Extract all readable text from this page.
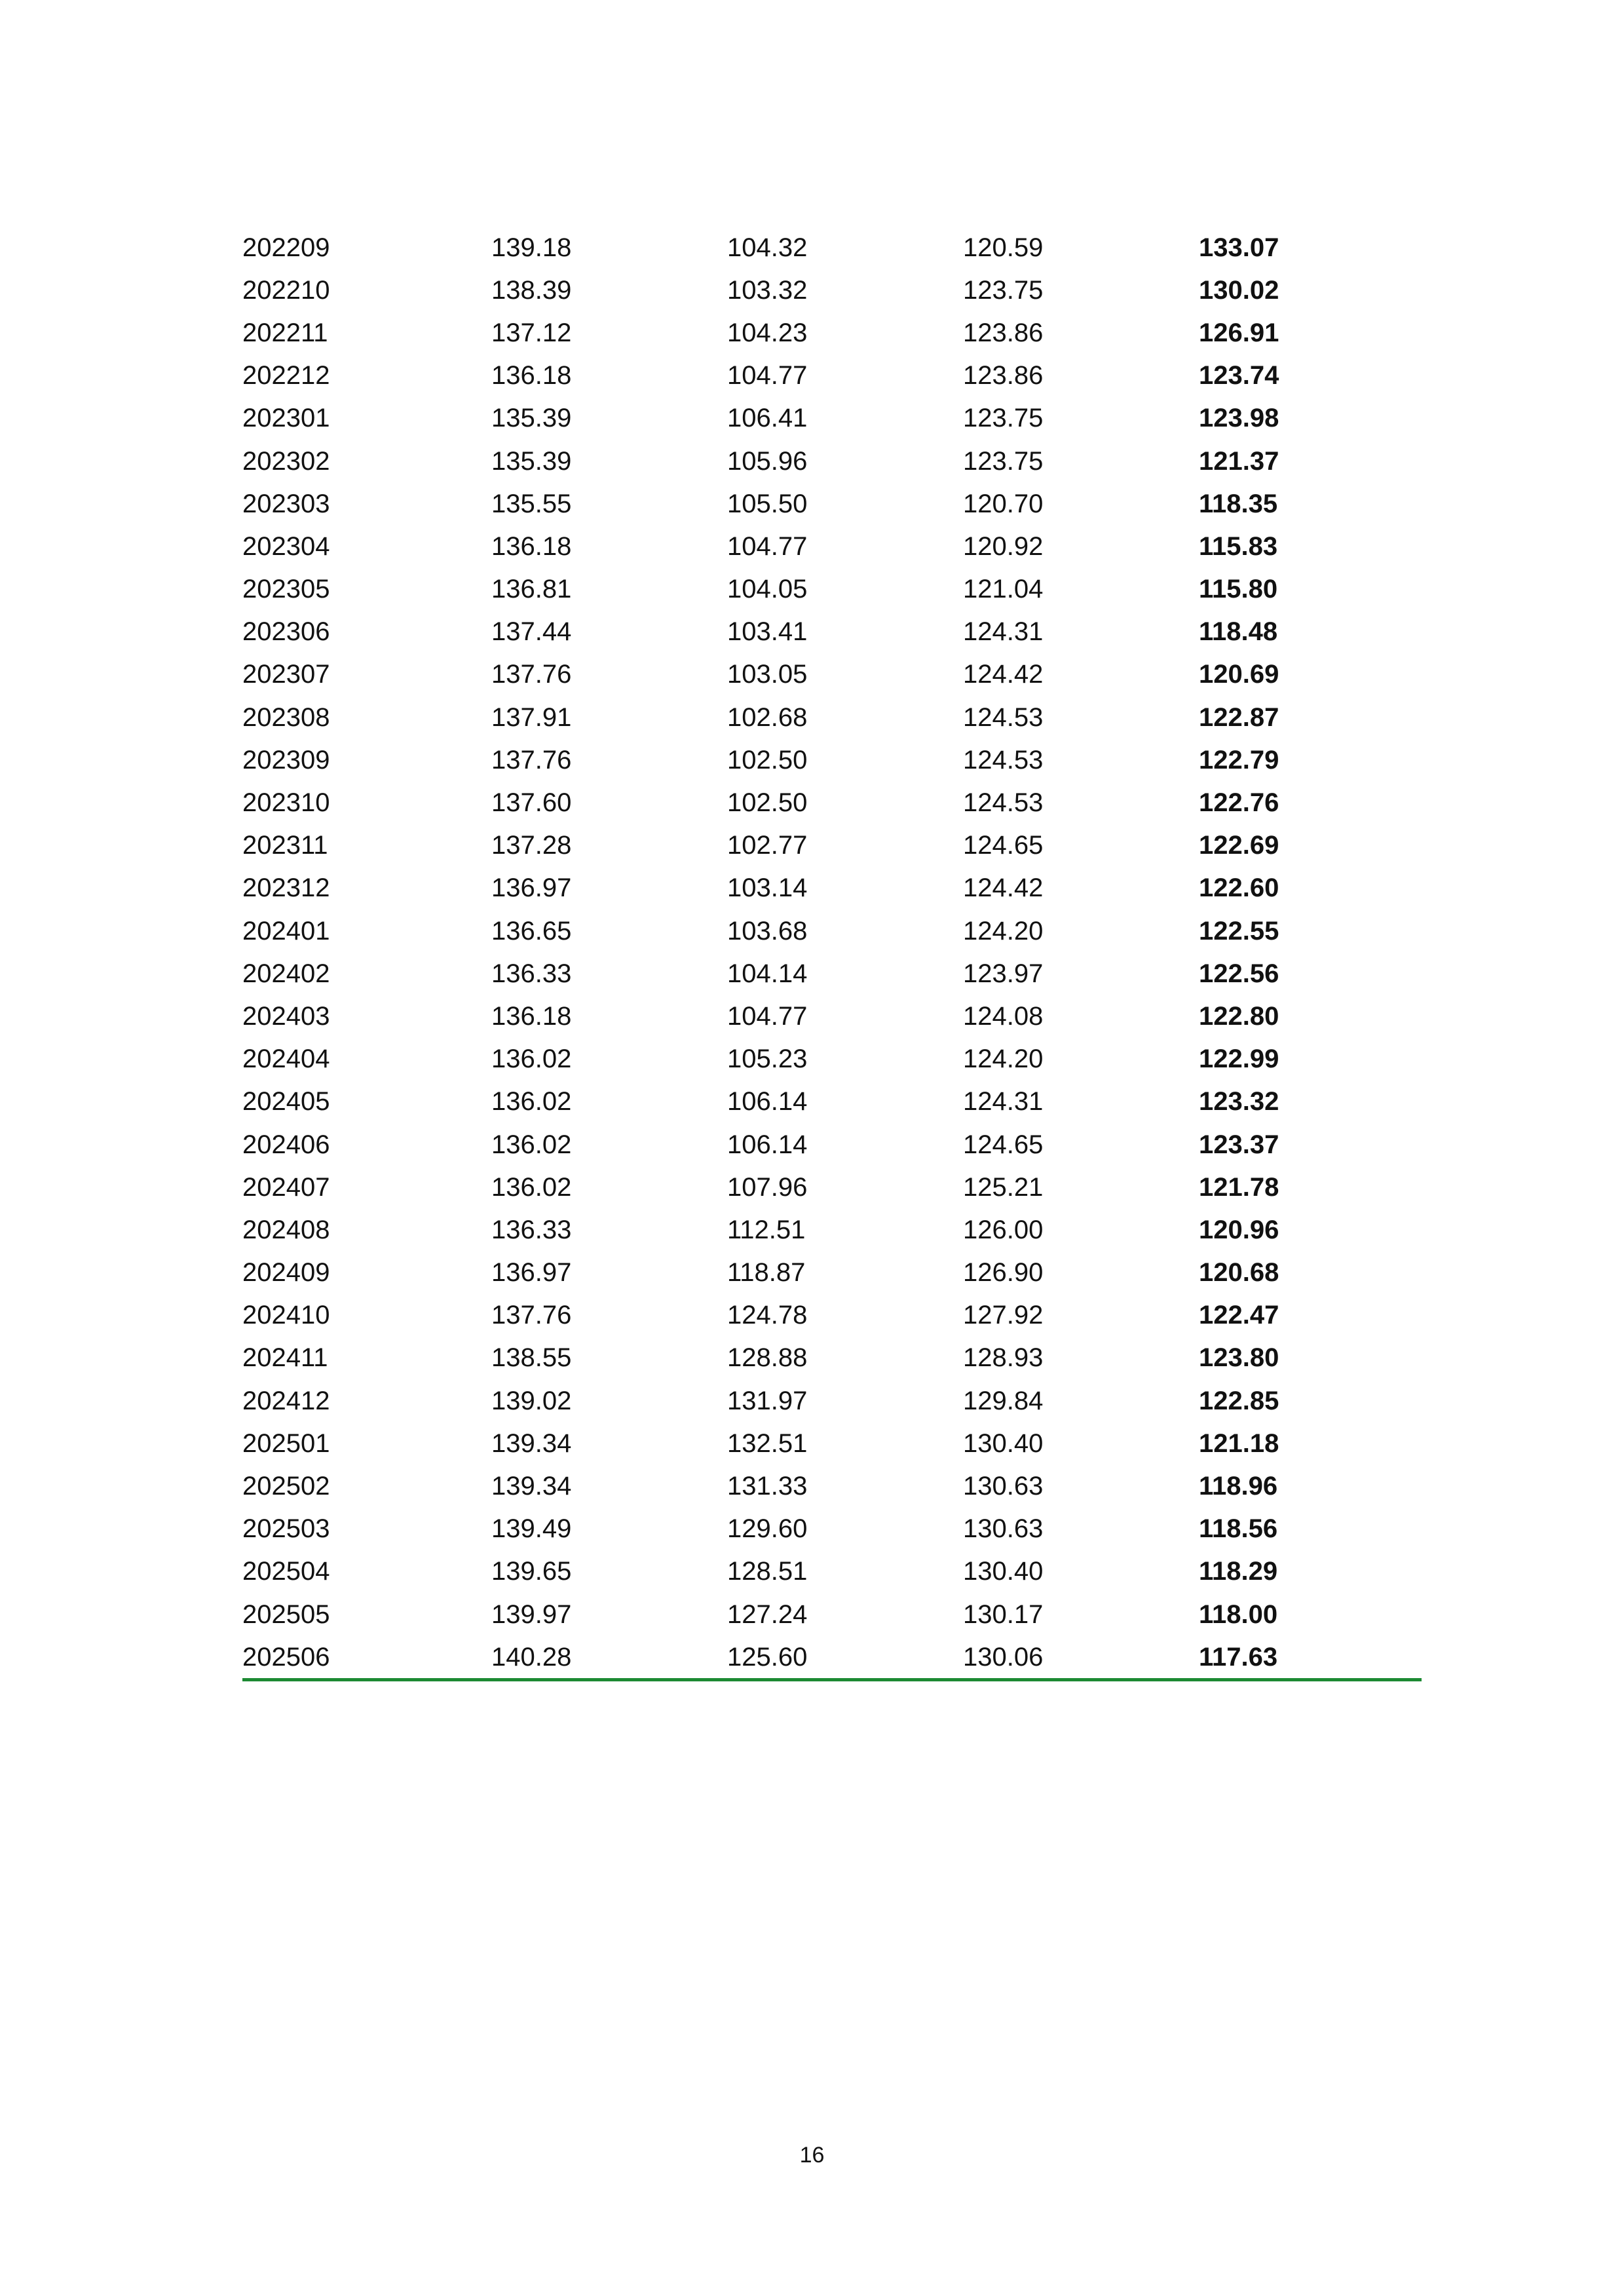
202209	139.18	104.32	120.59	133.07
202210	138.39	103.32	123.75	130.02
202211	137.12	104.23	123.86	126.91
202212	136.18	104.77	123.86	123.74
202301	135.39	106.41	123.75	123.98
202302	135.39	105.96	123.75	121.37
202303	135.55	105.50	120.70	118.35
202304	136.18	104.77	120.92	115.83
202305	136.81	104.05	121.04	115.80
202306	137.44	103.41	124.31	118.48
202307	137.76	103.05	124.42	120.69
202308	137.91	102.68	124.53	122.87
202309	137.76	102.50	124.53	122.79
202310	137.60	102.50	124.53	122.76
202311	137.28	102.77	124.65	122.69
202312	136.97	103.14	124.42	122.60
202401	136.65	103.68	124.20	122.55
202402	136.33	104.14	123.97	122.56
202403	136.18	104.77	124.08	122.80
202404	136.02	105.23	124.20	122.99
202405	136.02	106.14	124.31	123.32
202406	136.02	106.14	124.65	123.37
202407	136.02	107.96	125.21	121.78
202408	136.33	112.51	126.00	120.96
202409	136.97	118.87	126.90	120.68
202410	137.76	124.78	127.92	122.47
202411	138.55	128.88	128.93	123.80
202412	139.02	131.97	129.84	122.85
202501	139.34	132.51	130.40	121.18
202502	139.34	131.33	130.63	118.96
202503	139.49	129.60	130.63	118.56
202504	139.65	128.51	130.40	118.29
202505	139.97	127.24	130.17	118.00
202506	140.28	125.60	130.06	117.63
16
